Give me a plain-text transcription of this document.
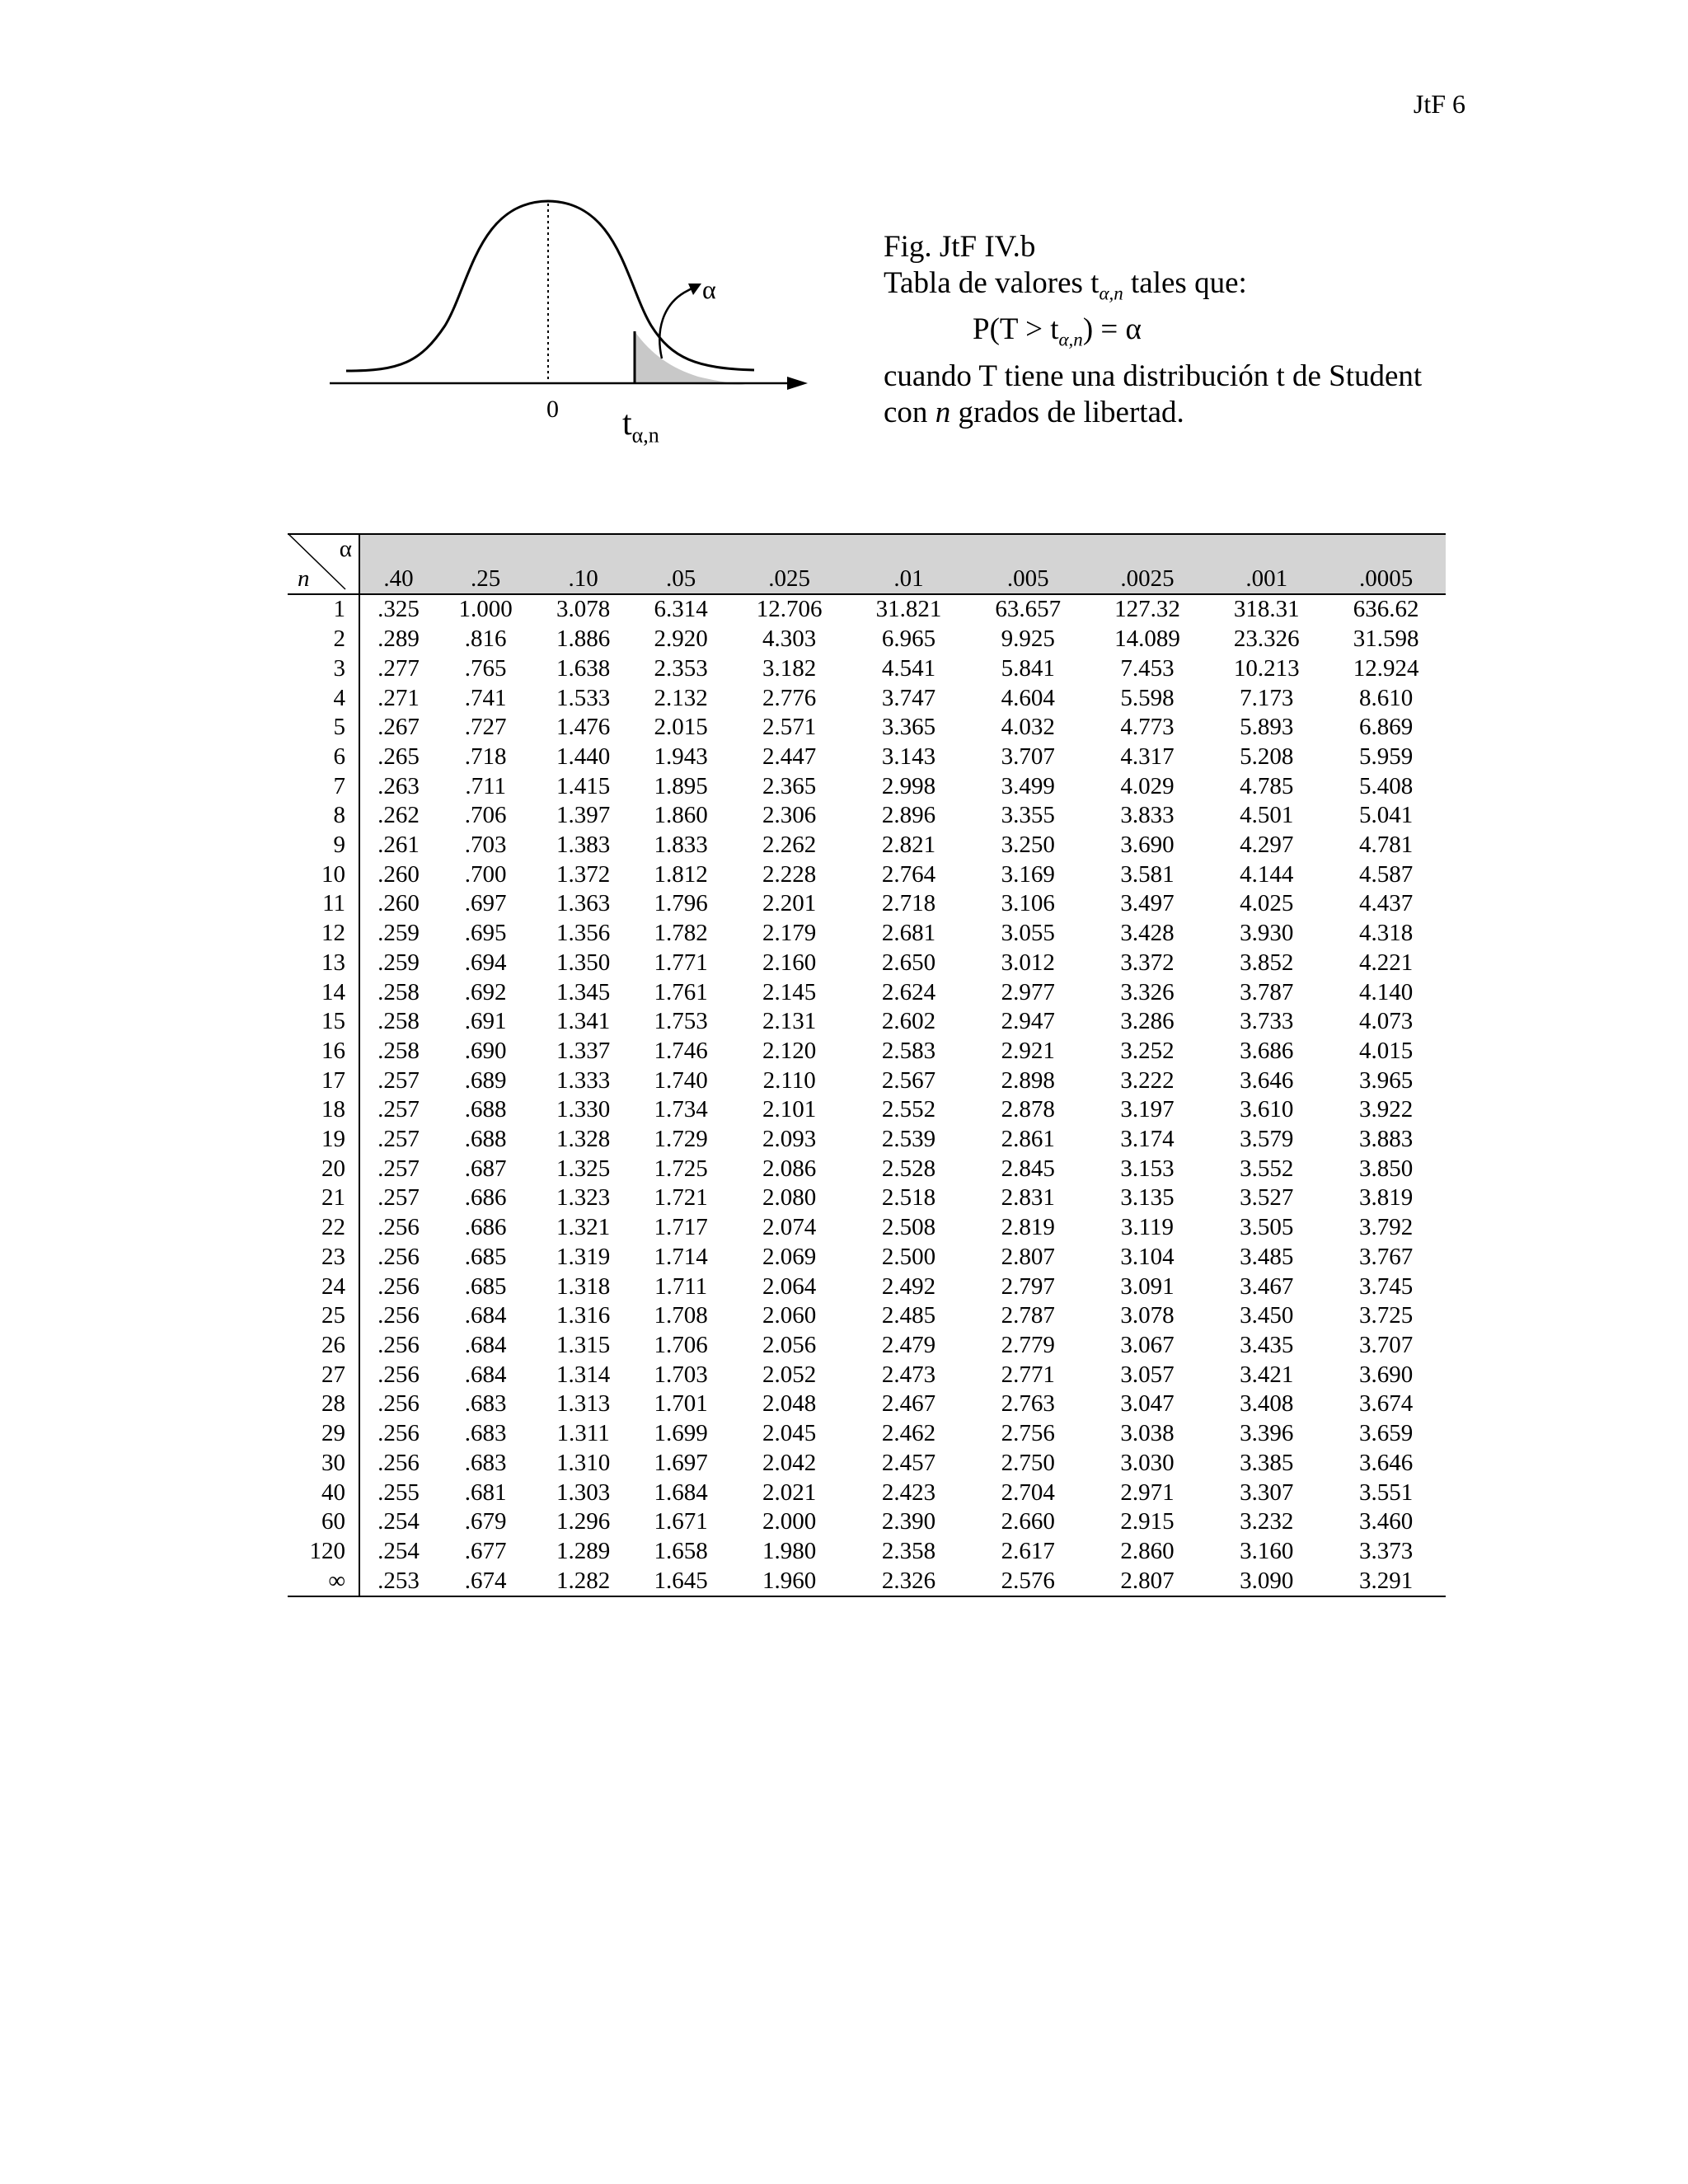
JtF 6
α
0 $t_{\alpha,n}$
Fig. JtF IV.b
Tabla de valores $t_{\alpha,n}$ tales que:
$P(T > t_{\alpha,n}) = \alpha$
cuando T tiene una distribución t de Student
con n grados de libertad.
α										
n	.40	.25	.10	.05	.025	.01	.005	.0025	.001	.0005
1	.325	1.000	3.078	6.314	12.706	31.821	63.657	127.32	318.31	636.62
2	.289	.816	1.886	2.920	4.303	6.965	9.925	14.089	23.326	31.598
3	.277	.765	1.638	2.353	3.182	4.541	5.841	7.453	10.213	12.924
4	.271	.741	1.533	2.132	2.776	3.747	4.604	5.598	7.173	8.610
5	.267	.727	1.476	2.015	2.571	3.365	4.032	4.773	5.893	6.869
6	.265	.718	1.440	1.943	2.447	3.143	3.707	4.317	5.208	5.959
7	.263	.711	1.415	1.895	2.365	2.998	3.499	4.029	4.785	5.408
8	.262	.706	1.397	1.860	2.306	2.896	3.355	3.833	4.501	5.041
9	.261	.703	1.383	1.833	2.262	2.821	3.250	3.690	4.297	4.781
10	.260	.700	1.372	1.812	2.228	2.764	3.169	3.581	4.144	4.587
11	.260	.697	1.363	1.796	2.201	2.718	3.106	3.497	4.025	4.437
12	.259	.695	1.356	1.782	2.179	2.681	3.055	3.428	3.930	4.318
13	.259	.694	1.350	1.771	2.160	2.650	3.012	3.372	3.852	4.221
14	.258	.692	1.345	1.761	2.145	2.624	2.977	3.326	3.787	4.140
15	.258	.691	1.341	1.753	2.131	2.602	2.947	3.286	3.733	4.073
16	.258	.690	1.337	1.746	2.120	2.583	2.921	3.252	3.686	4.015
17	.257	.689	1.333	1.740	2.110	2.567	2.898	3.222	3.646	3.965
18	.257	.688	1.330	1.734	2.101	2.552	2.878	3.197	3.610	3.922
19	.257	.688	1.328	1.729	2.093	2.539	2.861	3.174	3.579	3.883
20	.257	.687	1.325	1.725	2.086	2.528	2.845	3.153	3.552	3.850
21	.257	.686	1.323	1.721	2.080	2.518	2.831	3.135	3.527	3.819
22	.256	.686	1.321	1.717	2.074	2.508	2.819	3.119	3.505	3.792
23	.256	.685	1.319	1.714	2.069	2.500	2.807	3.104	3.485	3.767
24	.256	.685	1.318	1.711	2.064	2.492	2.797	3.091	3.467	3.745
25	.256	.684	1.316	1.708	2.060	2.485	2.787	3.078	3.450	3.725
26	.256	.684	1.315	1.706	2.056	2.479	2.779	3.067	3.435	3.707
27	.256	.684	1.314	1.703	2.052	2.473	2.771	3.057	3.421	3.690
28	.256	.683	1.313	1.701	2.048	2.467	2.763	3.047	3.408	3.674
29	.256	.683	1.311	1.699	2.045	2.462	2.756	3.038	3.396	3.659
30	.256	.683	1.310	1.697	2.042	2.457	2.750	3.030	3.385	3.646
40	.255	.681	1.303	1.684	2.021	2.423	2.704	2.971	3.307	3.551
60	.254	.679	1.296	1.671	2.000	2.390	2.660	2.915	3.232	3.460
120	.254	.677	1.289	1.658	1.980	2.358	2.617	2.860	3.160	3.373
∞	.253	.674	1.282	1.645	1.960	2.326	2.576	2.807	3.090	3.291
